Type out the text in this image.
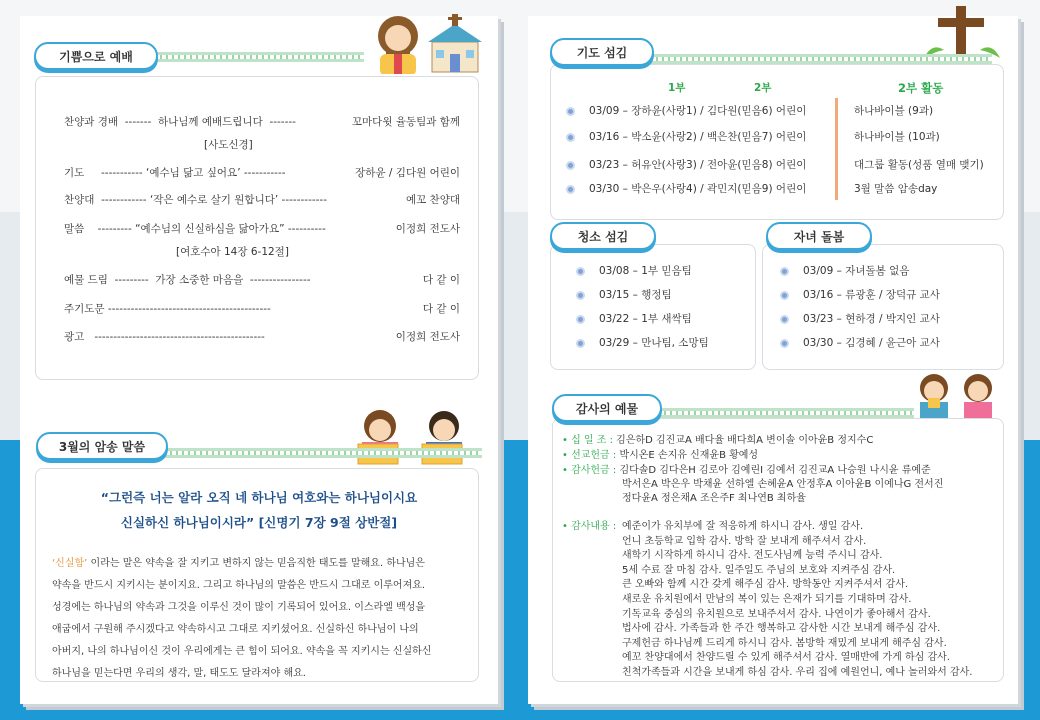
기쁨으로 예배
찬양과 경배 ------- 하나님께 예배드립니다 -------	꼬마다윗 율동팀과 함께
[사도신경]
기도 ----------- ‘예수님 닮고 싶어요’ -----------	장하윤 / 김다원 어린이
찬양대 ------------ ‘작은 예수로 살기 원합니다’ ------------	예꼬 찬양대
말씀 --------- “예수님의 신실하심을 닮아가요” ----------	이정희 전도사
[여호수아 14장 6-12절]
예물 드림 --------- 가장 소중한 마음을 ----------------	다 같 이
주기도문 -------------------------------------------	다 같 이
광고 ---------------------------------------------	이정희 전도사
3월의 암송 말씀
“그런즉 너는 알라 오직 네 하나님 여호와는 하나님이시요
신실하신 하나님이시라” [신명기 7장 9절 상반절]
‘신실함’ 이라는 말은 약속을 잘 지키고 변하지 않는 믿음직한 태도를 말해요. 하나님은
약속을 반드시 지키시는 분이지요. 그리고 하나님의 말씀은 반드시 그대로 이루어져요.
성경에는 하나님의 약속과 그것을 이루신 것이 많이 기록되어 있어요. 이스라엘 백성을
애굽에서 구원해 주시겠다고 약속하시고 그대로 지키셨어요. 신실하신 하나님이 나의
아버지, 나의 하나님이신 것이 우리에게는 큰 힘이 되어요. 약속을 꼭 지키시는 신실하신
하나님을 믿는다면 우리의 생각, 말, 태도도 달라져야 해요.
기도 섬김
1부	2부	2부 활동
03/09 – 장하윤(사랑1) / 김다원(믿음6) 어린이	하나바이블 (9과)
03/16 – 박소윤(사랑2) / 백은찬(믿음7) 어린이	하나바이블 (10과)
03/23 – 허유안(사랑3) / 전아윤(믿음8) 어린이	대그룹 활동(성품 열매 맺기)
03/30 – 박은우(사랑4) / 곽민지(믿음9) 어린이	3월 말씀 암송day
청소 섬김
03/08 – 1부 믿음팀
03/15 – 행정팀
03/22 – 1부 새싹팀
03/29 – 만나팀, 소망팀
자녀 돌봄
03/09 – 자녀돌봄 없음
03/16 – 류광훈 / 장덕규 교사
03/23 – 현하경 / 박지인 교사
03/30 – 김경혜 / 윤근아 교사
감사의 예물
• 십 일 조 : 김은하D 김진교A 배다율 배다희A 변이솔 이아윤B 정지수C
• 선교헌금 : 박시온E 손지유 신재윤B 황예성
• 감사헌금 : 김다솔D 김다은H 김로아 김예린I 김예서 김진교A 나승원 나시윤 류예준
박서은A 박은우 박채윤 선하엘 손혜윤A 안정후A 이아윤B 이예나G 전서진
정다윤A 정은채A 조은주F 최나연B 최하율
• 감사내용 : 예준이가 유치부에 잘 적응하게 하시니 감사. 생일 감사.
언니 초등학교 입학 감사. 방학 잘 보내게 해주셔서 감사.
새학기 시작하게 하시니 감사. 전도사님께 능력 주시니 감사.
5세 수료 잘 마침 감사. 일주일도 주님의 보호와 지켜주심 감사.
큰 오빠와 함께 시간 갖게 해주심 감사. 방학동안 지켜주셔서 감사.
새로운 유치원에서 만남의 복이 있는 은재가 되기를 기대하며 감사.
기독교육 중심의 유치원으로 보내주셔서 감사. 나연이가 좋아해서 감사.
법사에 감사. 가족들과 한 주간 행복하고 감사한 시간 보내게 해주심 감사.
구제헌금 하나님께 드리게 하시니 감사. 봄방학 재밌게 보내게 해주심 감사.
예꼬 찬양대에서 찬양드릴 수 있게 해주셔서 감사. 열매반에 가게 하심 감사.
친척가족들과 시간을 보내게 하심 감사. 우리 집에 예원언니, 예나 놀러와서 감사.
